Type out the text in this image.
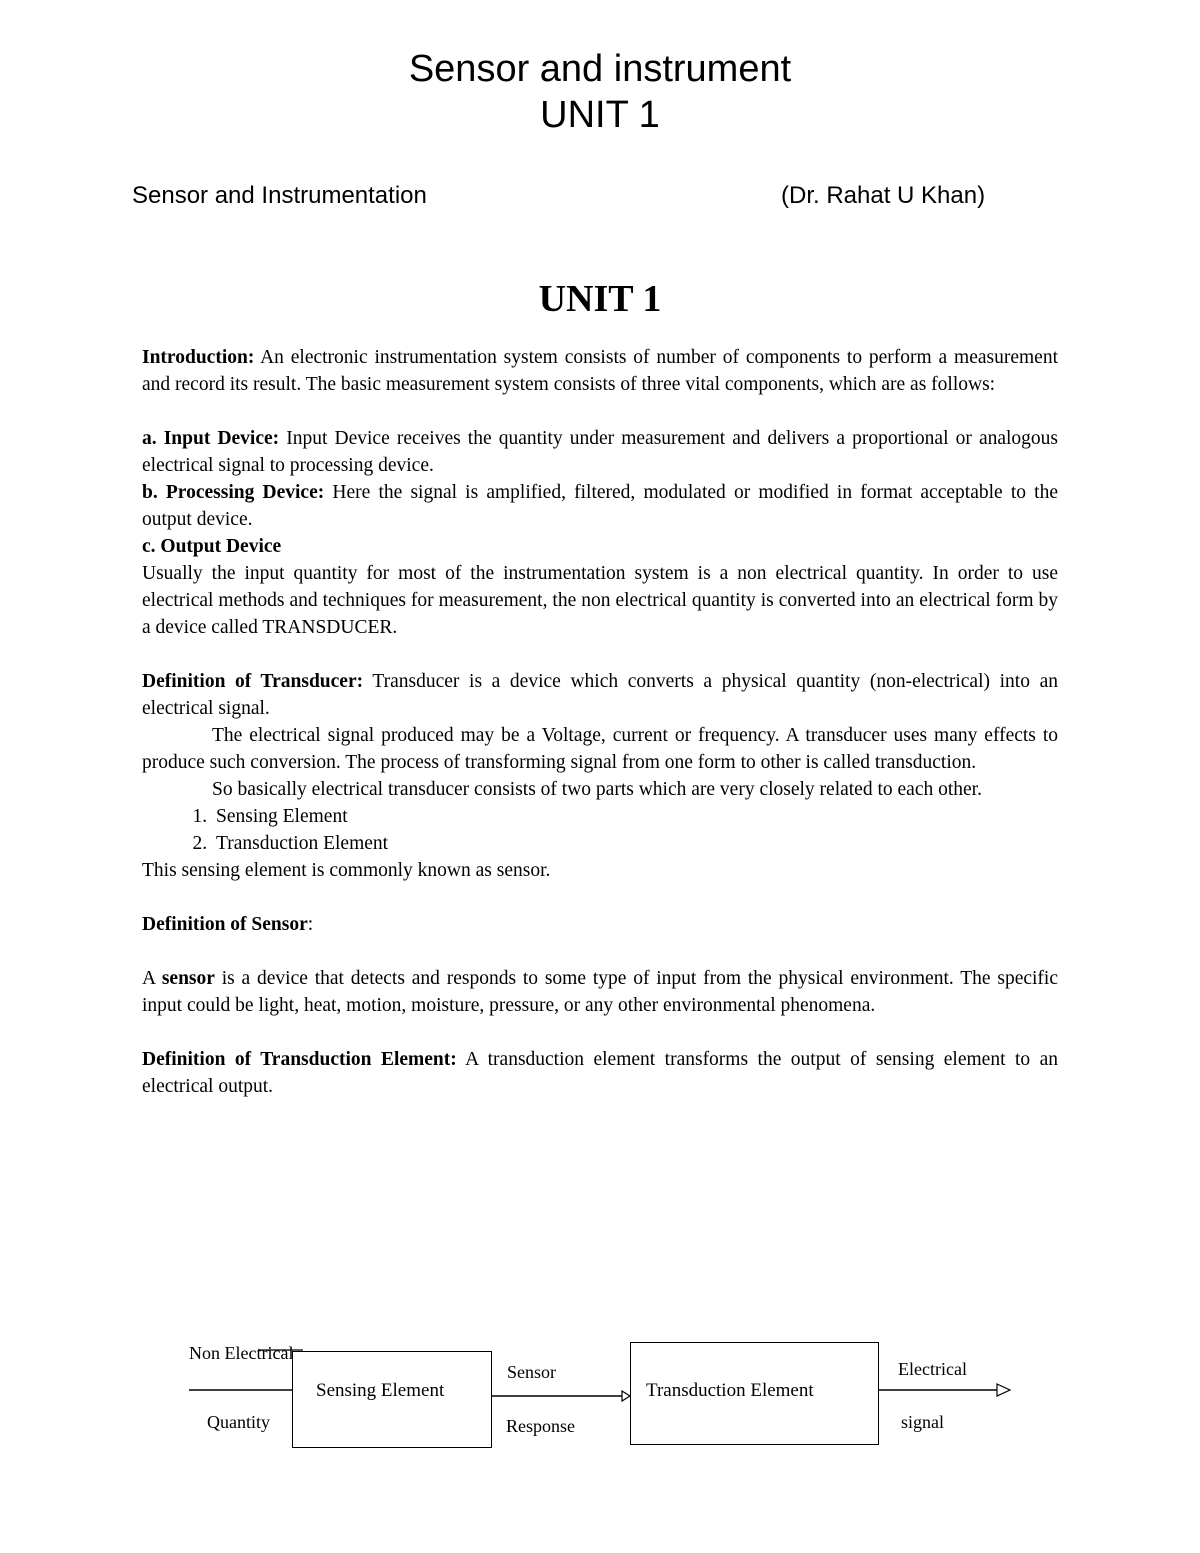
Sensor and instrument
UNIT 1
Sensor and Instrumentation	(Dr. Rahat U Khan)
UNIT 1

Introduction: An electronic instrumentation system consists of number of components to perform a measurement and record its result. The basic measurement system consists of three vital components, which are as follows:

a. Input Device: Input Device receives the quantity under measurement and delivers a proportional or analogous electrical signal to processing device.

b. Processing Device: Here the signal is amplified, filtered, modulated or modified in format acceptable to the output device.

c. Output Device

Usually the input quantity for most of the instrumentation system is a non electrical quantity. In order to use electrical methods and techniques for measurement, the non electrical quantity is converted into an electrical form by a device called TRANSDUCER.

Definition of Transducer: Transducer is a device which converts a physical quantity (non-electrical) into an electrical signal.

The electrical signal produced may be a Voltage, current or frequency. A transducer uses many effects to produce such conversion. The process of transforming signal from one form to other is called transduction.

So basically electrical transducer consists of two parts which are very closely related to each other.

1. Sensing Element
2. Transduction Element

This sensing element is commonly known as sensor.

Definition of Sensor:

A sensor is a device that detects and responds to some type of input from the physical environment. The specific input could be light, heat, motion, moisture, pressure, or any other environmental phenomena.

Definition of Transduction Element: A transduction element transforms the output of sensing element to an electrical output.

Sensing Element	Transduction Element
Non Electrical
Quantity
Sensor
Response
Electrical
signal
